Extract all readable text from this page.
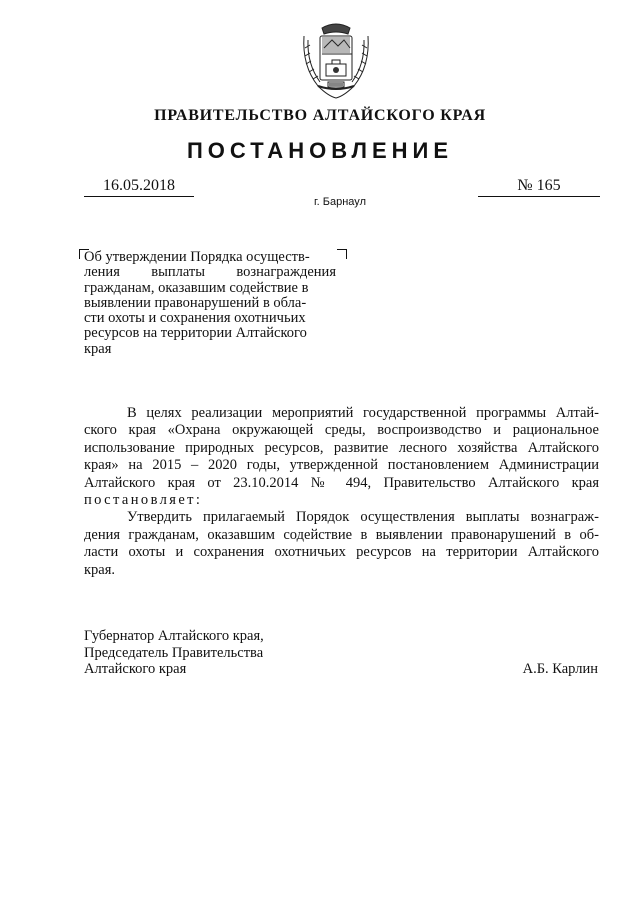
ПРАВИТЕЛЬСТВО АЛТАЙСКОГО КРАЯ
ПОСТАНОВЛЕНИЕ
16.05.2018	№ 165
г. Барнаул
Об утверждении Порядка осуществ-
ления выплаты вознаграждения
гражданам, оказавшим содействие в
выявлении правонарушений в обла-
сти охоты и сохранения охотничьих
ресурсов на территории Алтайского
края
В целях реализации мероприятий государственной программы Алтай-
ского края «Охрана окружающей среды, воспроизводство и рациональное
использование природных ресурсов, развитие лесного хозяйства Алтайского
края» на 2015 – 2020 годы, утвержденной постановлением Администрации
Алтайского края от 23.10.2014 № 494, Правительство Алтайского края
постановляет:
Утвердить прилагаемый Порядок осуществления выплаты вознаграж-
дения гражданам, оказавшим содействие в выявлении правонарушений в об-
ласти охоты и сохранения охотничьих ресурсов на территории Алтайского
края.
Губернатор Алтайского края,
Председатель Правительства
Алтайского края	А.Б. Карлин
